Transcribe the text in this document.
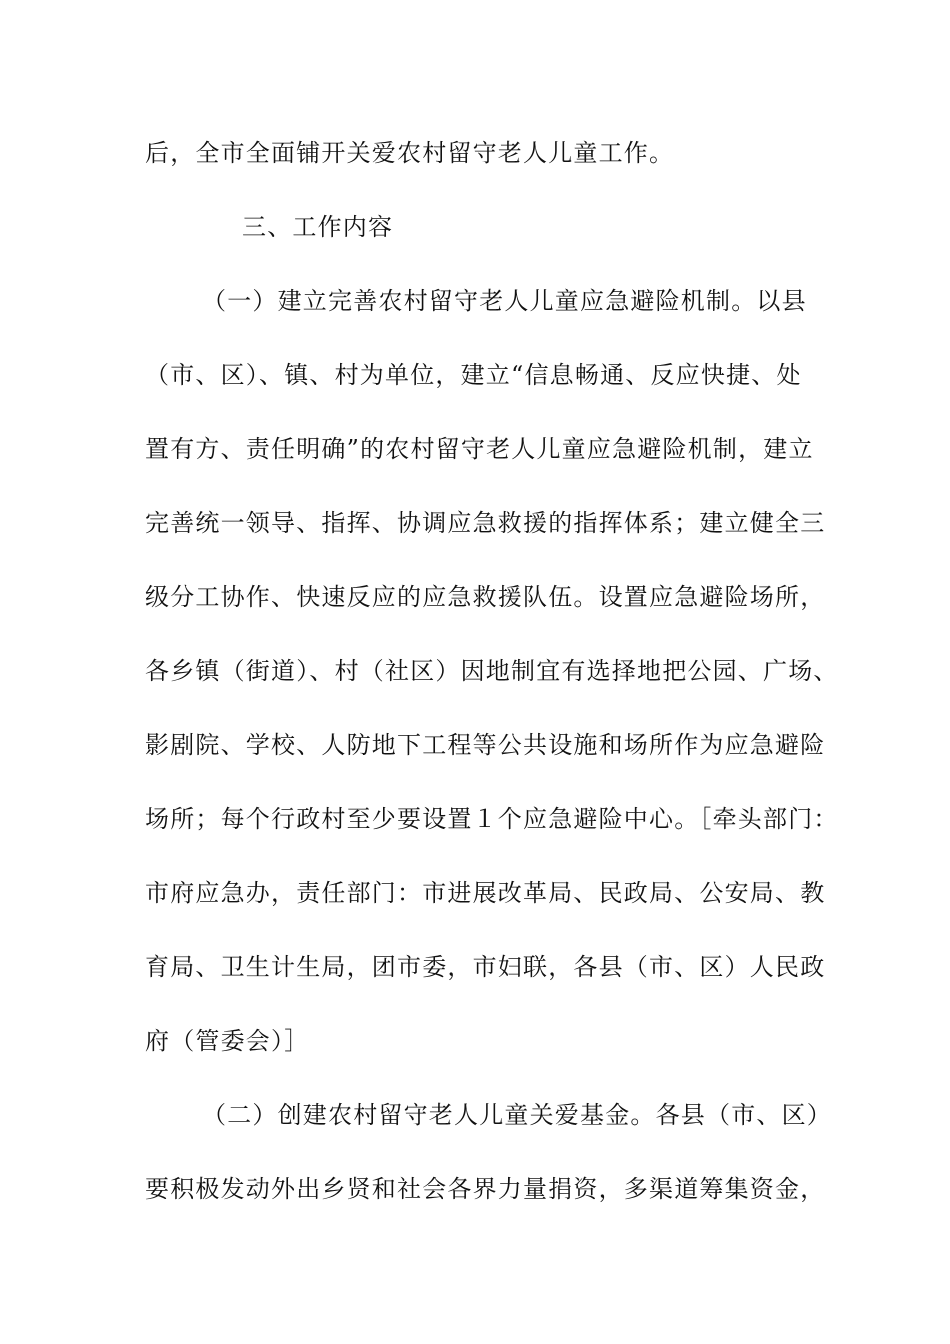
后，全市全面铺开关爱农村留守老人儿童工作。
三、工作内容
（一）建立完善农村留守老人儿童应急避险机制。以县
（市、区）、镇、村为单位，建立“信息畅通、反应快捷、处
置有方、责任明确”的农村留守老人儿童应急避险机制，建立
完善统一领导、指挥、协调应急救援的指挥体系；建立健全三
级分工协作、快速反应的应急救援队伍。设置应急避险场所，
各乡镇（街道）、村（社区）因地制宜有选择地把公园、广场、
影剧院、学校、人防地下工程等公共设施和场所作为应急避险
场所；每个行政村至少要设置１个应急避险中心。［牵头部门：
市府应急办，责任部门：市进展改革局、民政局、公安局、教
育局、卫生计生局，团市委，市妇联，各县（市、区）人民政
府（管委会）］
（二）创建农村留守老人儿童关爱基金。各县（市、区）
要积极发动外出乡贤和社会各界力量捐资，多渠道筹集资金，
